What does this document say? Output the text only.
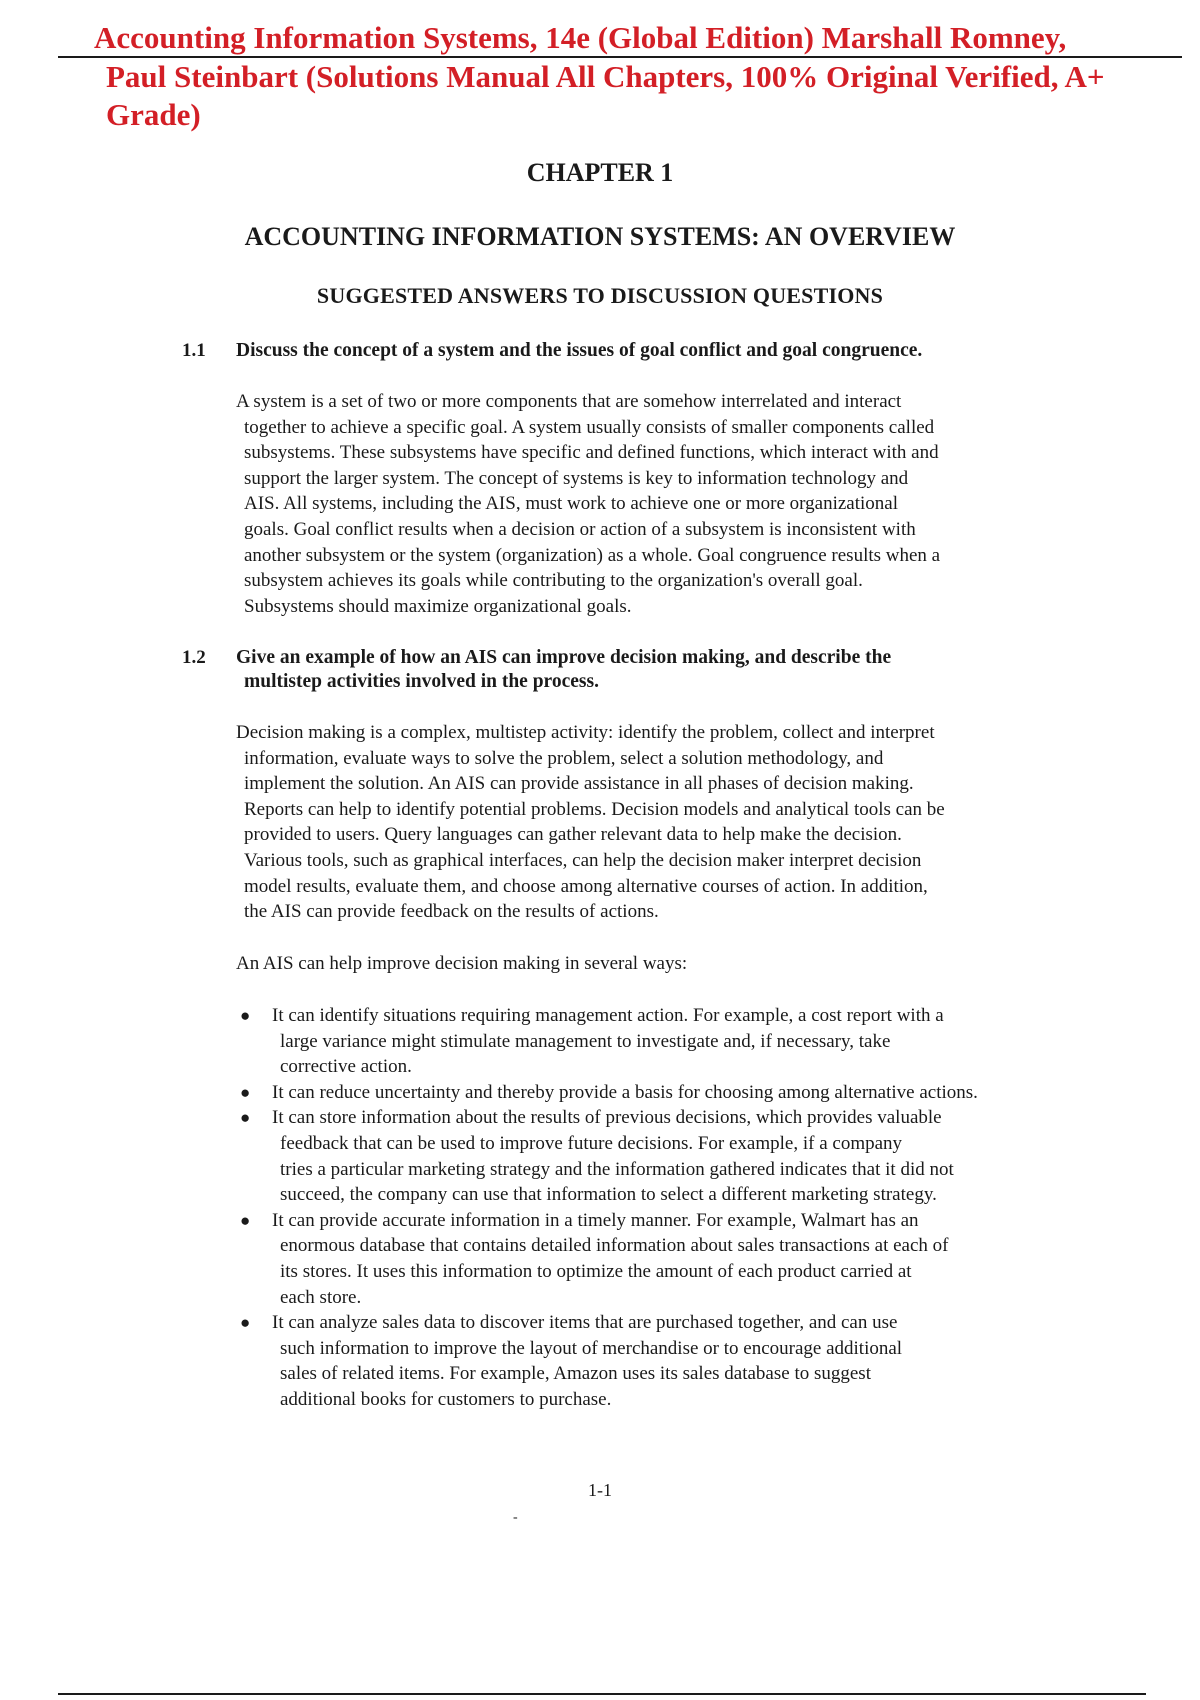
Accounting Information Systems, 14e (Global Edition) Marshall Romney,
Paul Steinbart (Solutions Manual All Chapters, 100% Original Verified, A+
Grade)
CHAPTER 1
ACCOUNTING INFORMATION SYSTEMS: AN OVERVIEW
SUGGESTED ANSWERS TO DISCUSSION QUESTIONS
1.1 Discuss the concept of a system and the issues of goal conflict and goal congruence.

A system is a set of two or more components that are somehow interrelated and interact

together to achieve a specific goal. A system usually consists of smaller components called

subsystems. These subsystems have specific and defined functions, which interact with and

support the larger system. The concept of systems is key to information technology and

AIS. All systems, including the AIS, must work to achieve one or more organizational

goals. Goal conflict results when a decision or action of a subsystem is inconsistent with

another subsystem or the system (organization) as a whole. Goal congruence results when a

subsystem achieves its goals while contributing to the organization's overall goal.

Subsystems should maximize organizational goals.

1.2 Give an example of how an AIS can improve decision making, and describe the
multistep activities involved in the process.

Decision making is a complex, multistep activity: identify the problem, collect and interpret

information, evaluate ways to solve the problem, select a solution methodology, and

implement the solution. An AIS can provide assistance in all phases of decision making.

Reports can help to identify potential problems. Decision models and analytical tools can be

provided to users. Query languages can gather relevant data to help make the decision.

Various tools, such as graphical interfaces, can help the decision maker interpret decision

model results, evaluate them, and choose among alternative courses of action. In addition,

the AIS can provide feedback on the results of actions.

An AIS can help improve decision making in several ways:

● It can identify situations requiring management action. For example, a cost report with a
large variance might stimulate management to investigate and, if necessary, take
corrective action.
● It can reduce uncertainty and thereby provide a basis for choosing among alternative actions.
● It can store information about the results of previous decisions, which provides valuable
feedback that can be used to improve future decisions. For example, if a company
tries a particular marketing strategy and the information gathered indicates that it did not
succeed, the company can use that information to select a different marketing strategy.
● It can provide accurate information in a timely manner. For example, Walmart has an
enormous database that contains detailed information about sales transactions at each of
its stores. It uses this information to optimize the amount of each product carried at
each store.
● It can analyze sales data to discover items that are purchased together, and can use
such information to improve the layout of merchandise or to encourage additional
sales of related items. For example, Amazon uses its sales database to suggest
additional books for customers to purchase.
1-1
-
